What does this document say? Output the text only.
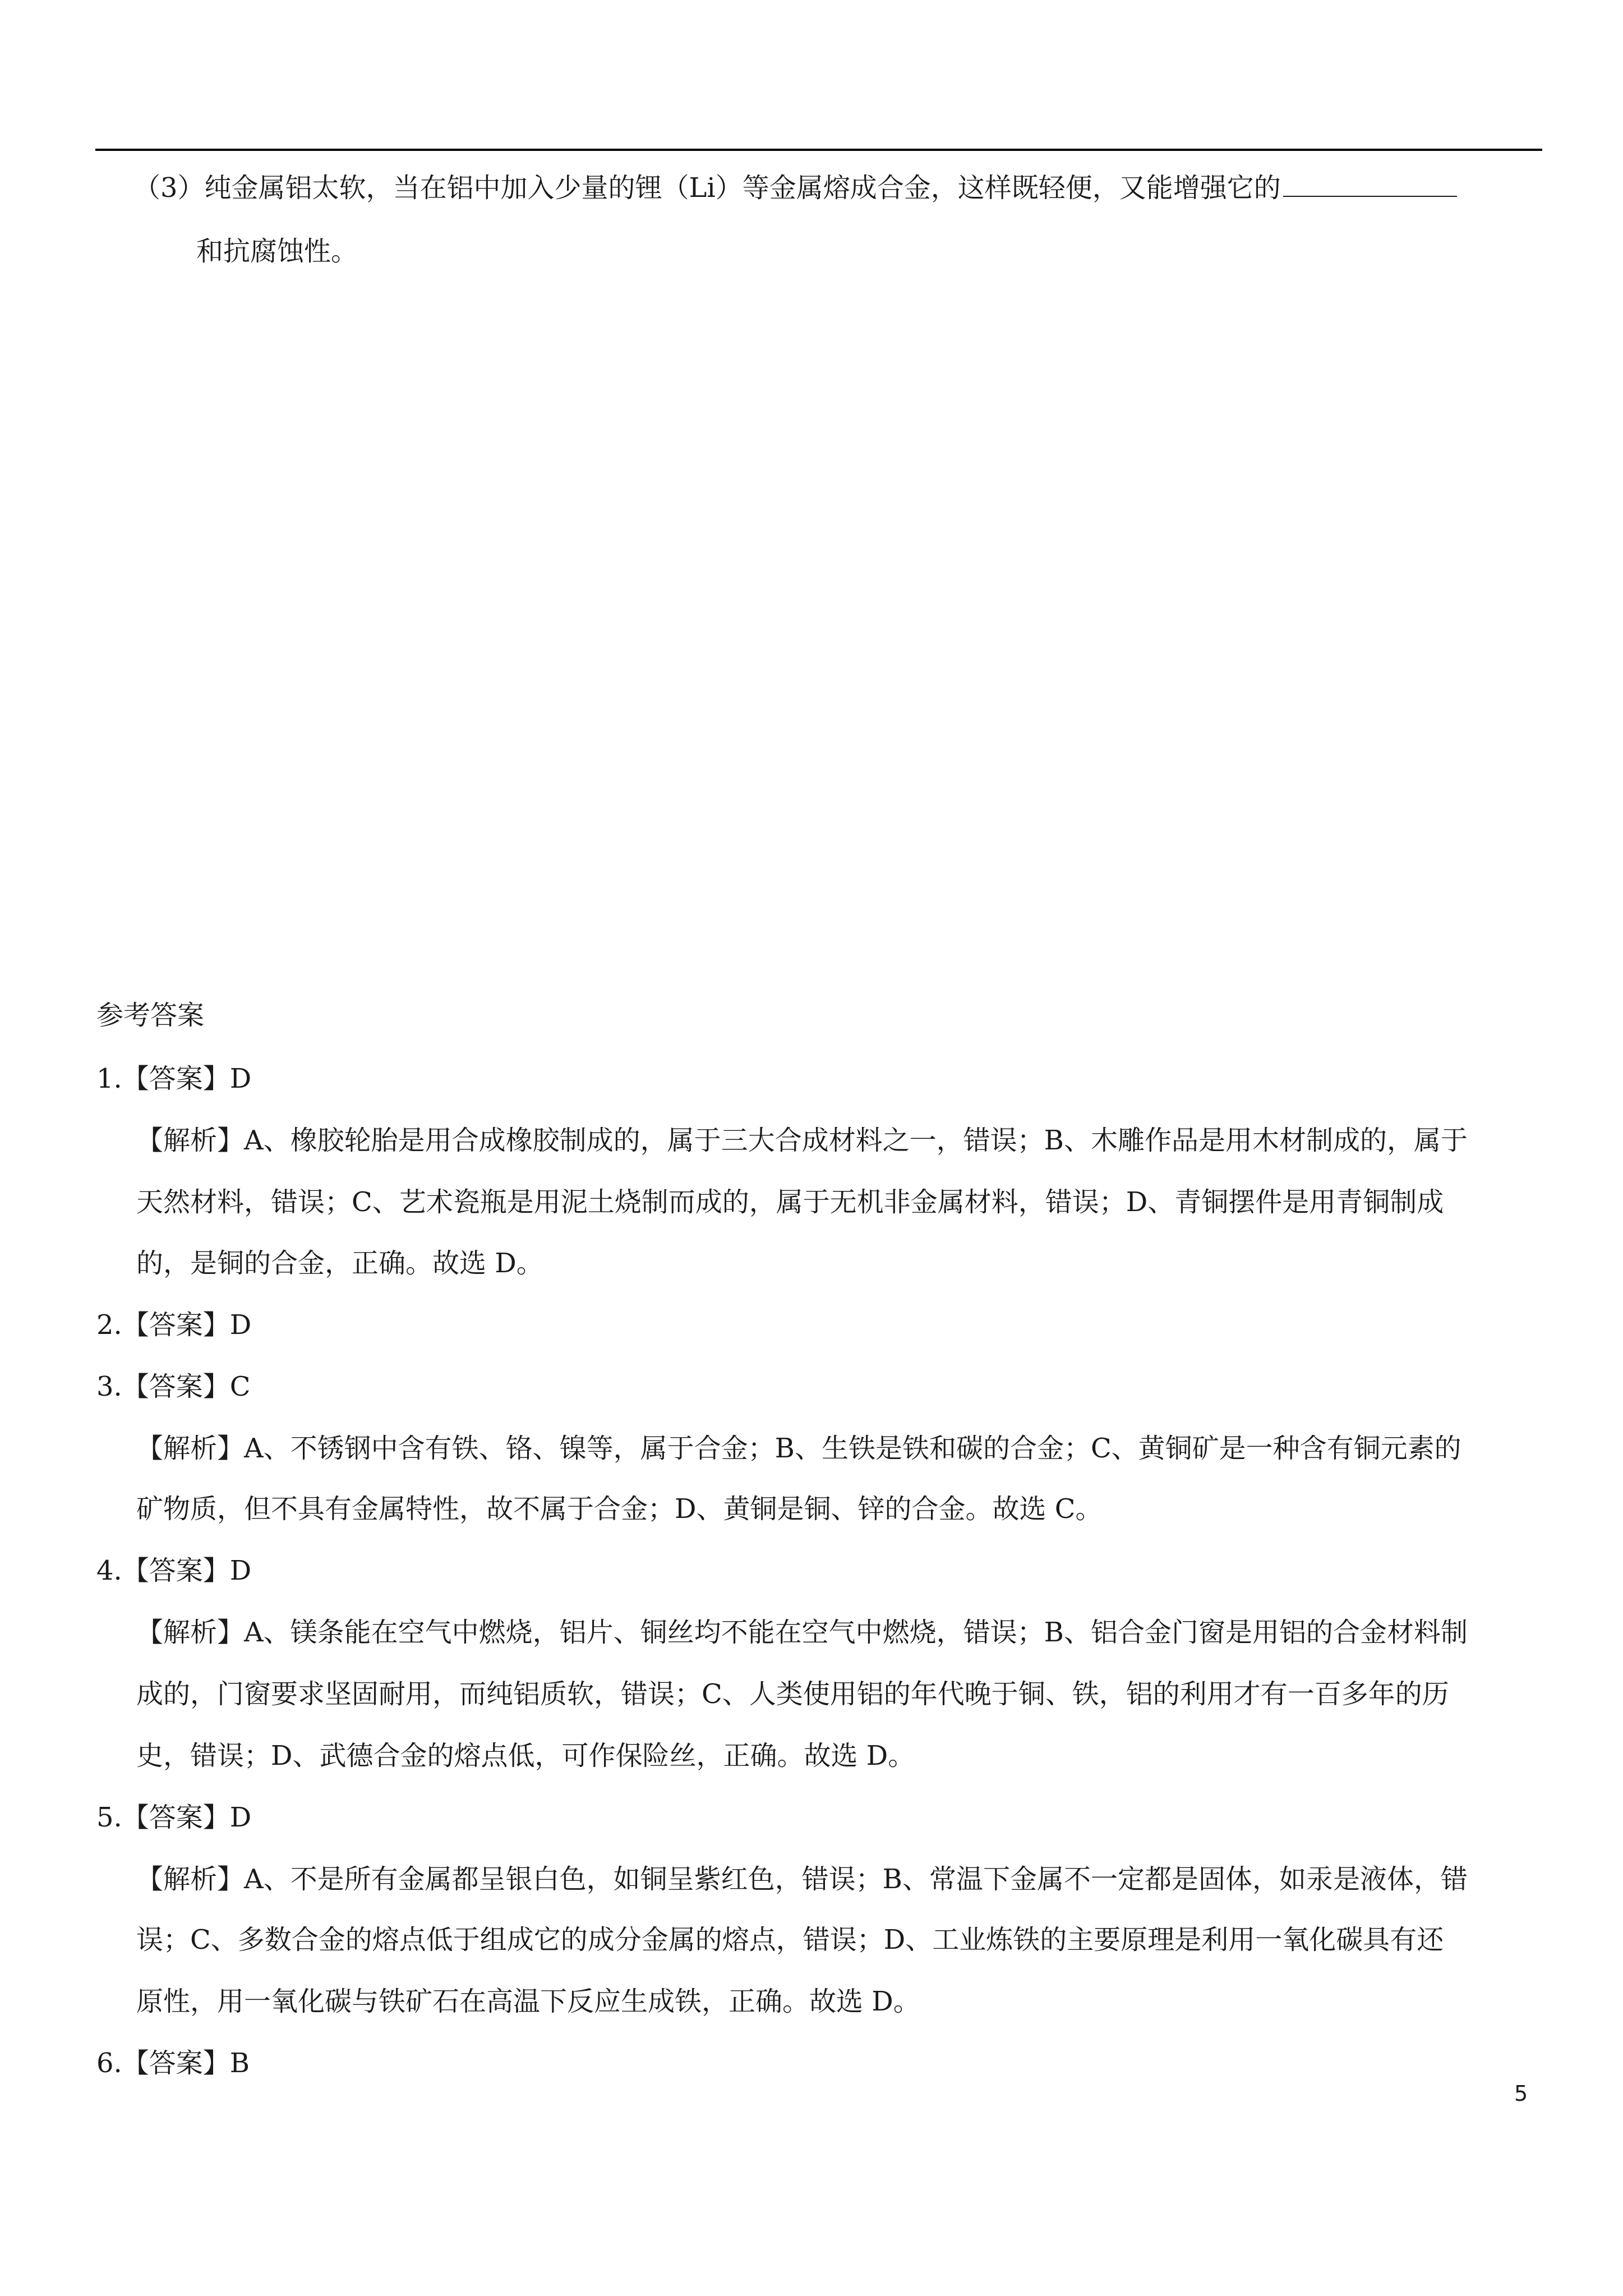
（3）纯金属铝太软，当在铝中加入少量的锂（Li）等金属熔成合金，这样既轻便，又能增强它的
和抗腐蚀性。
参考答案
1.【答案】D
【解析】A、橡胶轮胎是用合成橡胶制成的，属于三大合成材料之一，错误；B、木雕作品是用木材制成的，属于
天然材料，错误；C、艺术瓷瓶是用泥土烧制而成的，属于无机非金属材料，错误；D、青铜摆件是用青铜制成
的，是铜的合金，正确。故选 D。
2.【答案】D
3.【答案】C
【解析】A、不锈钢中含有铁、铬、镍等，属于合金；B、生铁是铁和碳的合金；C、黄铜矿是一种含有铜元素的
矿物质，但不具有金属特性，故不属于合金；D、黄铜是铜、锌的合金。故选 C。
4.【答案】D
【解析】A、镁条能在空气中燃烧，铝片、铜丝均不能在空气中燃烧，错误；B、铝合金门窗是用铝的合金材料制
成的，门窗要求坚固耐用，而纯铝质软，错误；C、人类使用铝的年代晚于铜、铁，铝的利用才有一百多年的历
史，错误；D、武德合金的熔点低，可作保险丝，正确。故选 D。
5.【答案】D
【解析】A、不是所有金属都呈银白色，如铜呈紫红色，错误；B、常温下金属不一定都是固体，如汞是液体，错
误；C、多数合金的熔点低于组成它的成分金属的熔点，错误；D、工业炼铁的主要原理是利用一氧化碳具有还
原性，用一氧化碳与铁矿石在高温下反应生成铁，正确。故选 D。
6.【答案】B
5
